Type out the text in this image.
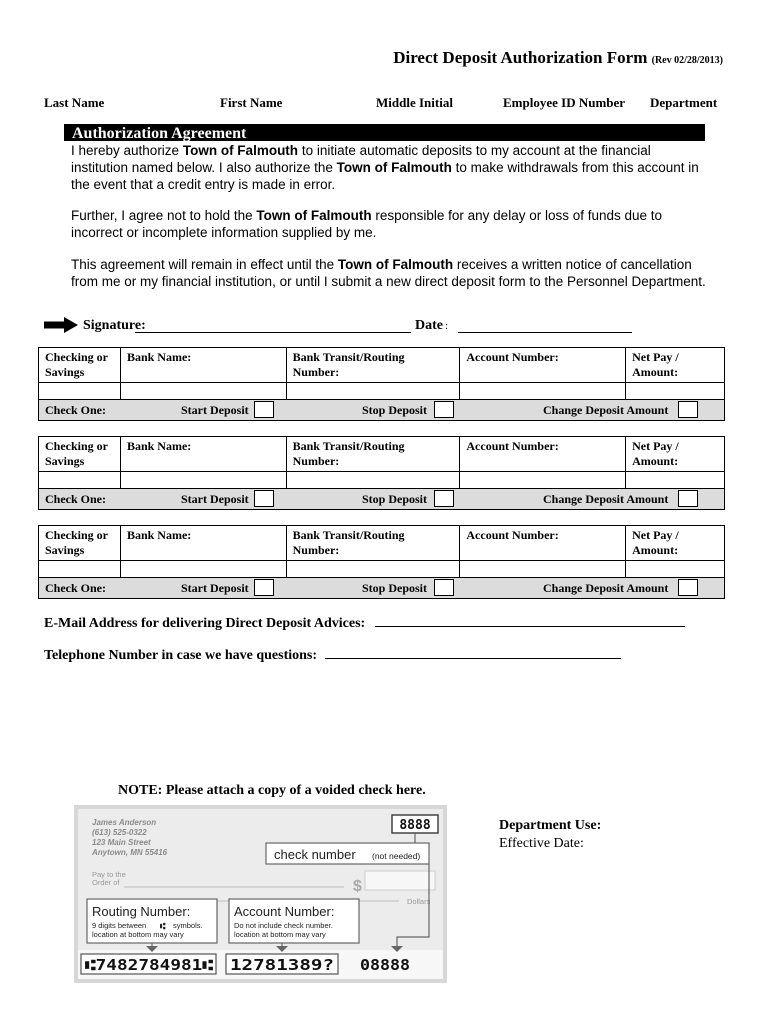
Direct Deposit Authorization Form (Rev 02/28/2013)
Last Name	First Name	Middle Initial	Employee ID Number Department
Authorization Agreement
I hereby authorize Town of Falmouth to initiate automatic deposits to my account at the financial institution named below. I also authorize the Town of Falmouth to make withdrawals from this account in the event that a credit entry is made in error.
Further, I agree not to hold the Town of Falmouth responsible for any delay or loss of funds due to incorrect or incomplete information supplied by me.
This agreement will remain in effect until the Town of Falmouth receives a written notice of cancellation from me or my financial institution, or until I submit a new direct deposit form to the Personnel Department.
Signature:	Date :
Checking or Savings	Bank Name:	Bank Transit/Routing Number:	Account Number:	Net Pay / Amount:

Check One: Start Deposit Stop Deposit Change Deposit Amount				
Checking or Savings	Bank Name:	Bank Transit/Routing Number:	Account Number:	Net Pay / Amount:

Check One: Start Deposit Stop Deposit Change Deposit Amount				
Checking or Savings	Bank Name:	Bank Transit/Routing Number:	Account Number:	Net Pay / Amount:

Check One: Start Deposit Stop Deposit Change Deposit Amount				
E-Mail Address for delivering Direct Deposit Advices:
Telephone Number in case we have questions:
NOTE: Please attach a copy of a voided check here.
James Anderson
(613) 525-0322
123 Main Street
Anytown, MN 55416
8888
check number (not needed)
Pay to the
Order of	$
Dollars
Routing Number:
9 digits between ⑆ symbols.
location at bottom may vary
Account Number:
Do not include check number.
location at bottom may vary
⑆7482784981⑆ 12781389? 08888
Department Use:
Effective Date:
